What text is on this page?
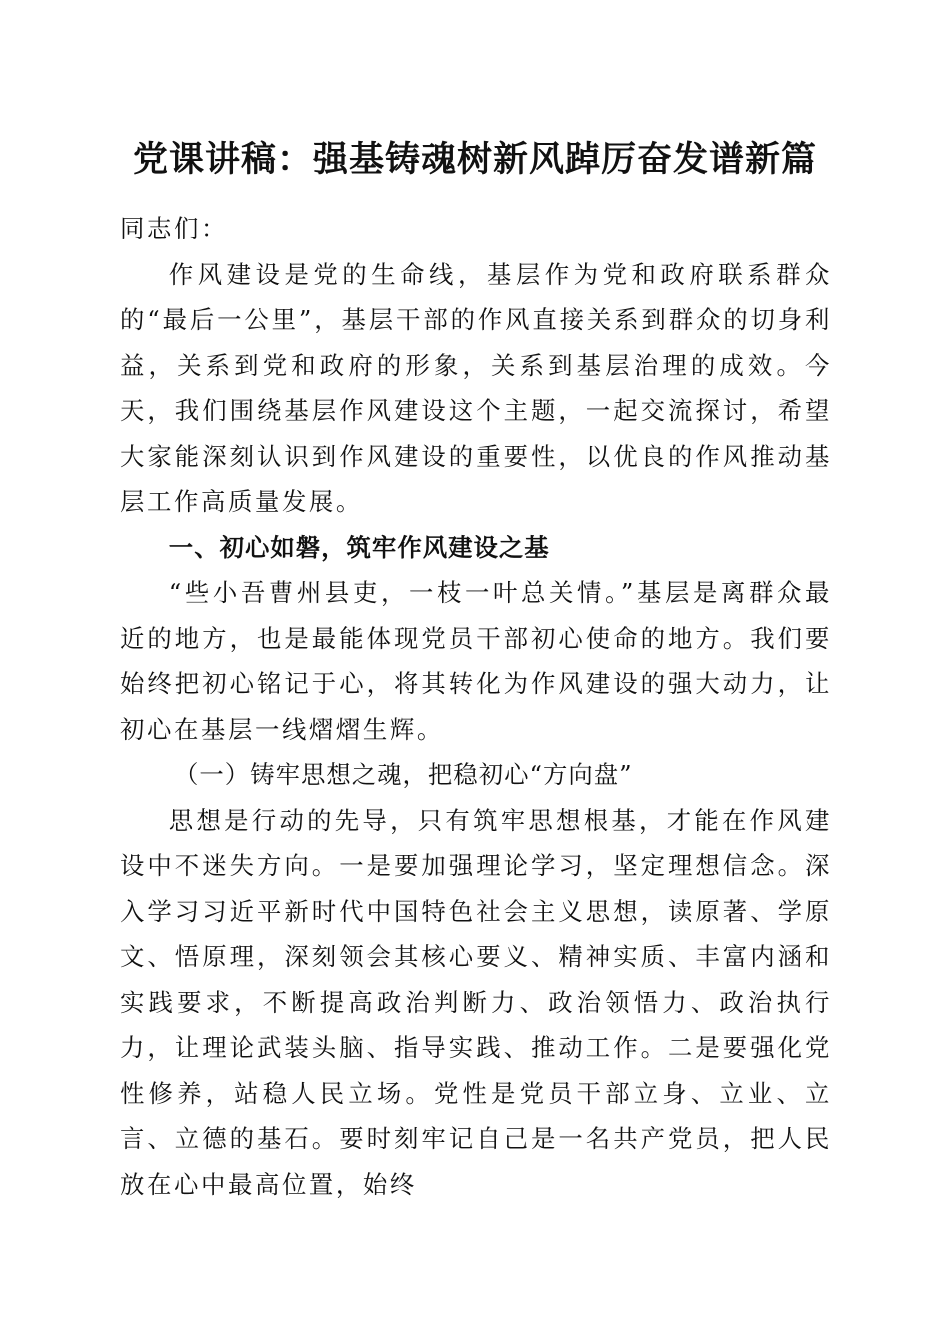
党课讲稿：强基铸魂树新风踔厉奋发谱新篇

同志们：

作风建设是党的生命线，基层作为党和政府联系群众的“最后一公里”，基层干部的作风直接关系到群众的切身利益，关系到党和政府的形象，关系到基层治理的成效。今天，我们围绕基层作风建设这个主题，一起交流探讨，希望大家能深刻认识到作风建设的重要性，以优良的作风推动基层工作高质量发展。

一、初心如磐，筑牢作风建设之基

“些小吾曹州县吏，一枝一叶总关情。”基层是离群众最近的地方，也是最能体现党员干部初心使命的地方。我们要始终把初心铭记于心，将其转化为作风建设的强大动力，让初心在基层一线熠熠生辉。

（一）铸牢思想之魂，把稳初心“方向盘”

思想是行动的先导，只有筑牢思想根基，才能在作风建设中不迷失方向。一是要加强理论学习，坚定理想信念。深入学习习近平新时代中国特色社会主义思想，读原著、学原文、悟原理，深刻领会其核心要义、精神实质、丰富内涵和实践要求，不断提高政治判断力、政治领悟力、政治执行力，让理论武装头脑、指导实践、推动工作。二是要强化党性修养，站稳人民立场。党性是党员干部立身、立业、立言、立德的基石。要时刻牢记自己是一名共产党员，把人民放在心中最高位置，始终
